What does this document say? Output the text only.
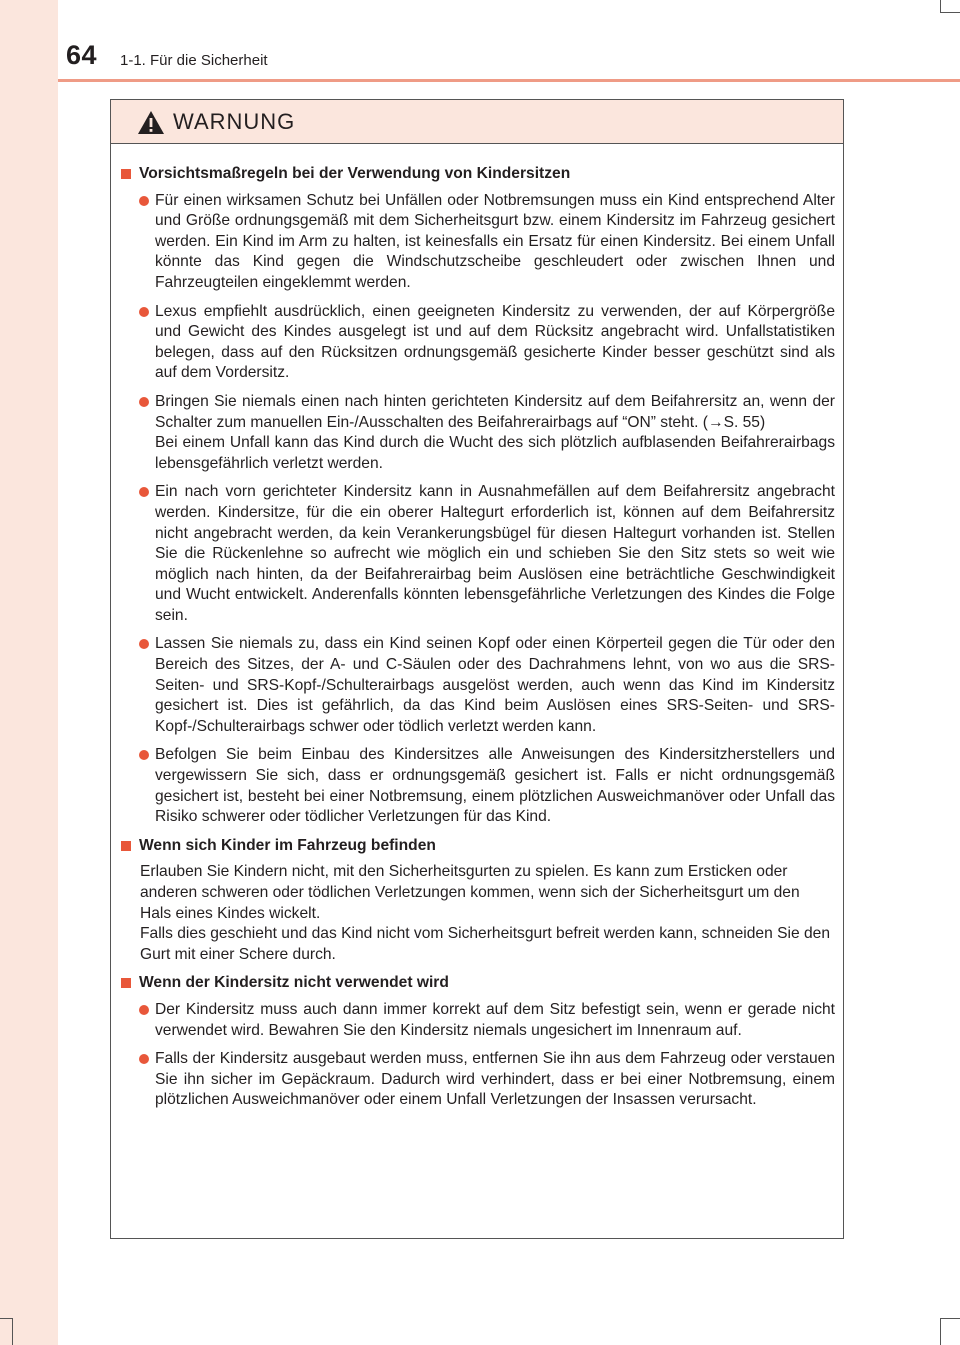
64 1-1. Für die Sicherheit
WARNUNG
Vorsichtsmaßregeln bei der Verwendung von Kindersitzen

Für einen wirksamen Schutz bei Unfällen oder Notbremsungen muss ein Kind entsprechend Alter und Größe ordnungsgemäß mit dem Sicherheitsgurt bzw. einem Kindersitz im Fahrzeug gesichert werden. Ein Kind im Arm zu halten, ist keinesfalls ein Ersatz für einen Kindersitz. Bei einem Unfall könnte das Kind gegen die Windschutzscheibe geschleudert oder zwischen Ihnen und Fahrzeugteilen eingeklemmt werden.

Lexus empfiehlt ausdrücklich, einen geeigneten Kindersitz zu verwenden, der auf Körpergröße und Gewicht des Kindes ausgelegt ist und auf dem Rücksitz angebracht wird. Unfallstatistiken belegen, dass auf den Rücksitzen ordnungsgemäß gesicherte Kinder besser geschützt sind als auf dem Vordersitz.

Bringen Sie niemals einen nach hinten gerichteten Kindersitz auf dem Beifahrersitz an, wenn der Schalter zum manuellen Ein-/Ausschalten des Beifahrerairbags auf “ON” steht. (→S. 55)

Bei einem Unfall kann das Kind durch die Wucht des sich plötzlich aufblasenden Beifahrerairbags lebensgefährlich verletzt werden.

Ein nach vorn gerichteter Kindersitz kann in Ausnahmefällen auf dem Beifahrersitz angebracht werden. Kindersitze, für die ein oberer Haltegurt erforderlich ist, können auf dem Beifahrersitz nicht angebracht werden, da kein Verankerungsbügel für diesen Haltegurt vorhanden ist. Stellen Sie die Rückenlehne so aufrecht wie möglich ein und schieben Sie den Sitz stets so weit wie möglich nach hinten, da der Beifahrerairbag beim Auslösen eine beträchtliche Geschwindigkeit und Wucht entwickelt. Anderenfalls könnten lebensgefährliche Verletzungen des Kindes die Folge sein.

Lassen Sie niemals zu, dass ein Kind seinen Kopf oder einen Körperteil gegen die Tür oder den Bereich des Sitzes, der A- und C-Säulen oder des Dachrahmens lehnt, von wo aus die SRS-Seiten- und SRS-Kopf-/Schulterairbags ausgelöst werden, auch wenn das Kind im Kindersitz gesichert ist. Dies ist gefährlich, da das Kind beim Auslösen eines SRS-Seiten- und SRS-Kopf-/Schulterairbags schwer oder tödlich verletzt werden kann.

Befolgen Sie beim Einbau des Kindersitzes alle Anweisungen des Kindersitzherstellers und vergewissern Sie sich, dass er ordnungsgemäß gesichert ist. Falls er nicht ordnungsgemäß gesichert ist, besteht bei einer Notbremsung, einem plötzlichen Ausweichmanöver oder Unfall das Risiko schwerer oder tödlicher Verletzungen für das Kind.

Wenn sich Kinder im Fahrzeug befinden

Erlauben Sie Kindern nicht, mit den Sicherheitsgurten zu spielen. Es kann zum Ersticken oder anderen schweren oder tödlichen Verletzungen kommen, wenn sich der Sicherheitsgurt um den Hals eines Kindes wickelt.

Falls dies geschieht und das Kind nicht vom Sicherheitsgurt befreit werden kann, schneiden Sie den Gurt mit einer Schere durch.

Wenn der Kindersitz nicht verwendet wird

Der Kindersitz muss auch dann immer korrekt auf dem Sitz befestigt sein, wenn er gerade nicht verwendet wird. Bewahren Sie den Kindersitz niemals ungesichert im Innenraum auf.

Falls der Kindersitz ausgebaut werden muss, entfernen Sie ihn aus dem Fahrzeug oder verstauen Sie ihn sicher im Gepäckraum. Dadurch wird verhindert, dass er bei einer Notbremsung, einem plötzlichen Ausweichmanöver oder einem Unfall Verletzungen der Insassen verursacht.
